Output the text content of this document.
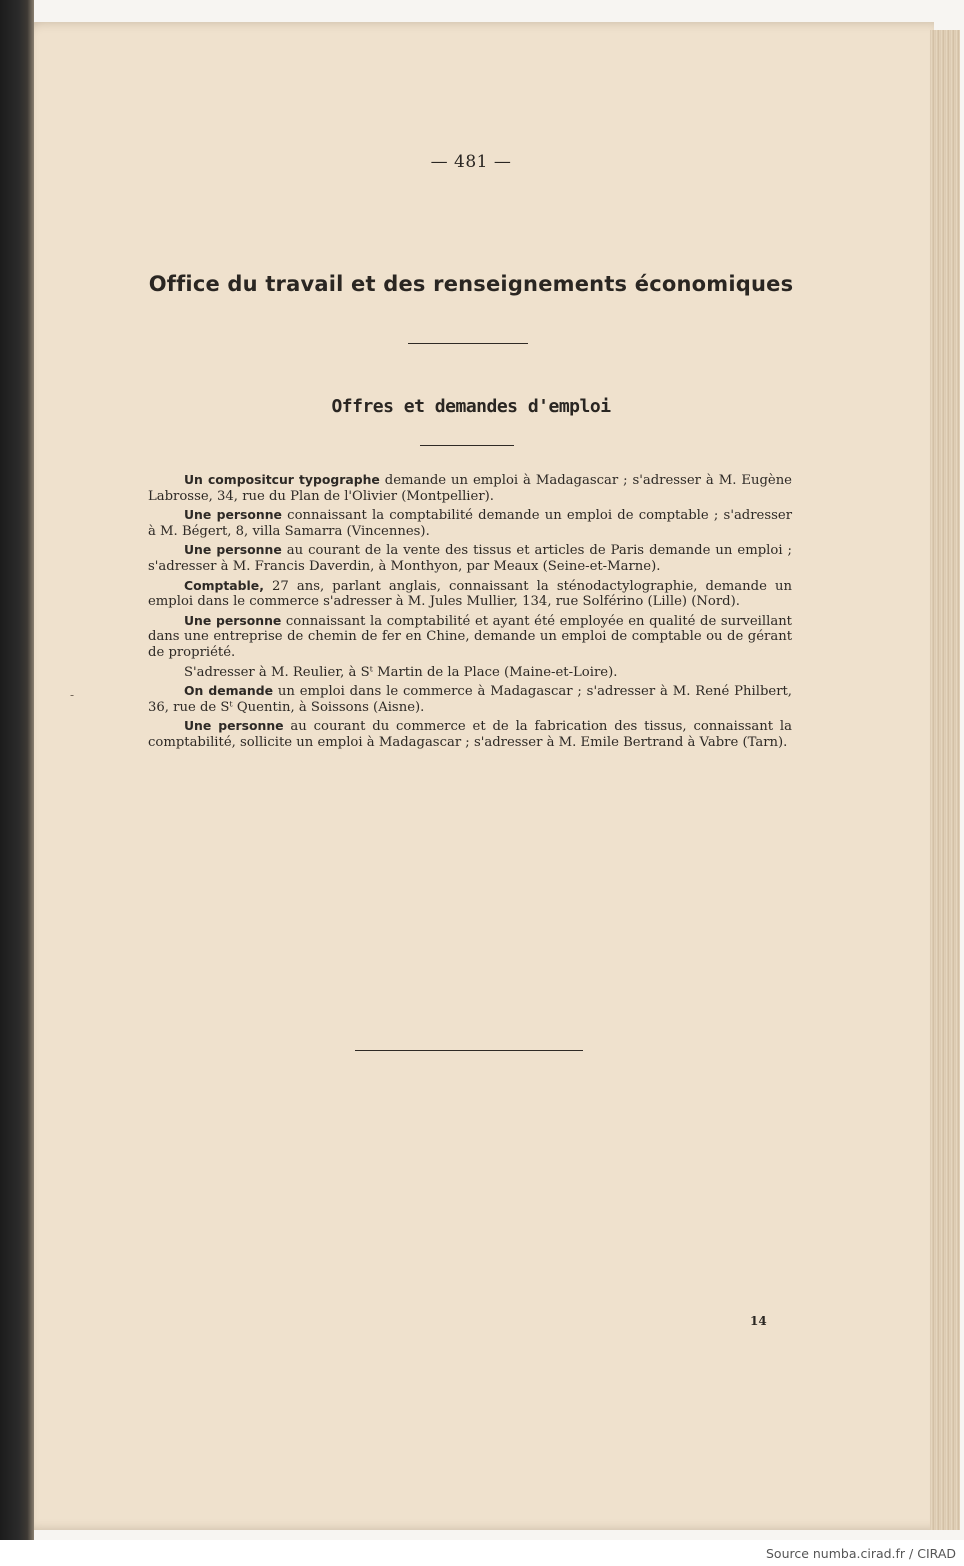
— 481 —
Office du travail et des renseignements économiques
Offres et demandes d'emploi

Un compositcur typographe demande un emploi à Madagascar ; s'adresser à M. Eugène Labrosse, 34, rue du Plan de l'Olivier (Montpellier).

Une personne connaissant la comptabilité demande un emploi de comptable ; s'adresser à M. Bégert, 8, villa Samarra (Vincennes).

Une personne au courant de la vente des tissus et articles de Paris demande un emploi ; s'adresser à M. Francis Daverdin, à Monthyon, par Meaux (Seine-et-Marne).

Comptable, 27 ans, parlant anglais, connaissant la sténodactylographie, demande un emploi dans le commerce s'adresser à M. Jules Mullier, 134, rue Solférino (Lille) (Nord).

Une personne connaissant la comptabilité et ayant été employée en qualité de surveillant dans une entreprise de chemin de fer en Chine, demande un emploi de comptable ou de gérant de propriété.

S'adresser à M. Reulier, à Sᵗ Martin de la Place (Maine-et-Loire).

On demande un emploi dans le commerce à Madagascar ; s'adresser à M. René Philbert, 36, rue de Sᵗ Quentin, à Soissons (Aisne).

Une personne au courant du commerce et de la fabrication des tissus, connaissant la comptabilité, sollicite un emploi à Madagascar ; s'adresser à M. Emile Bertrand à Vabre (Tarn).

-
14
Source numba.cirad.fr / CIRAD
